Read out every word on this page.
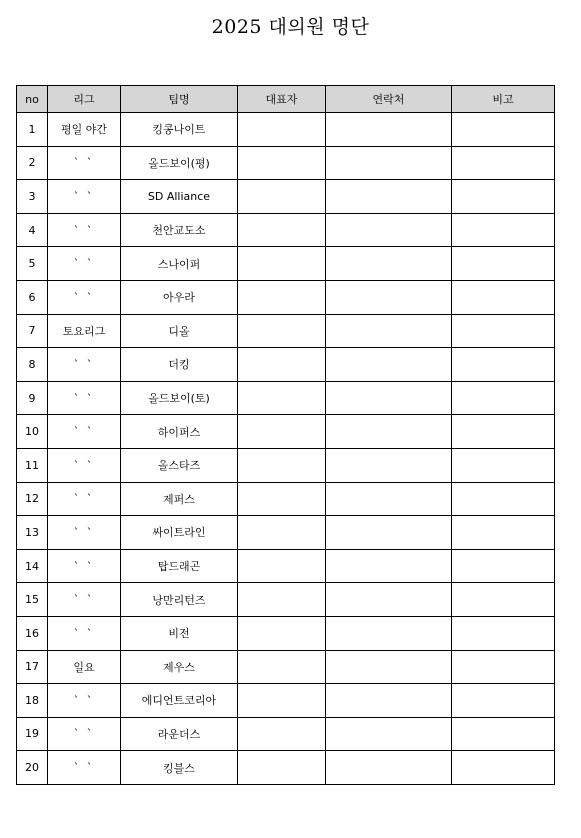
2025 대의원 명단
no	리그	팀명	대표자	연락처	비고
1	평일 야간	킹콩나이트			
2	` `	올드보이(평)			
3	` `	SD Alliance			
4	` `	천안교도소			
5	` `	스나이퍼			
6	` `	아우라			
7	토요리그	디올			
8	` `	더킹			
9	` `	올드보이(토)			
10	` `	하이퍼스			
11	` `	올스타즈			
12	` `	제퍼스			
13	` `	싸이트라인			
14	` `	탑드래곤			
15	` `	낭만리턴즈			
16	` `	비전			
17	일요	제우스			
18	` `	에디언트코리아			
19	` `	라운더스			
20	` `	킹블스			
